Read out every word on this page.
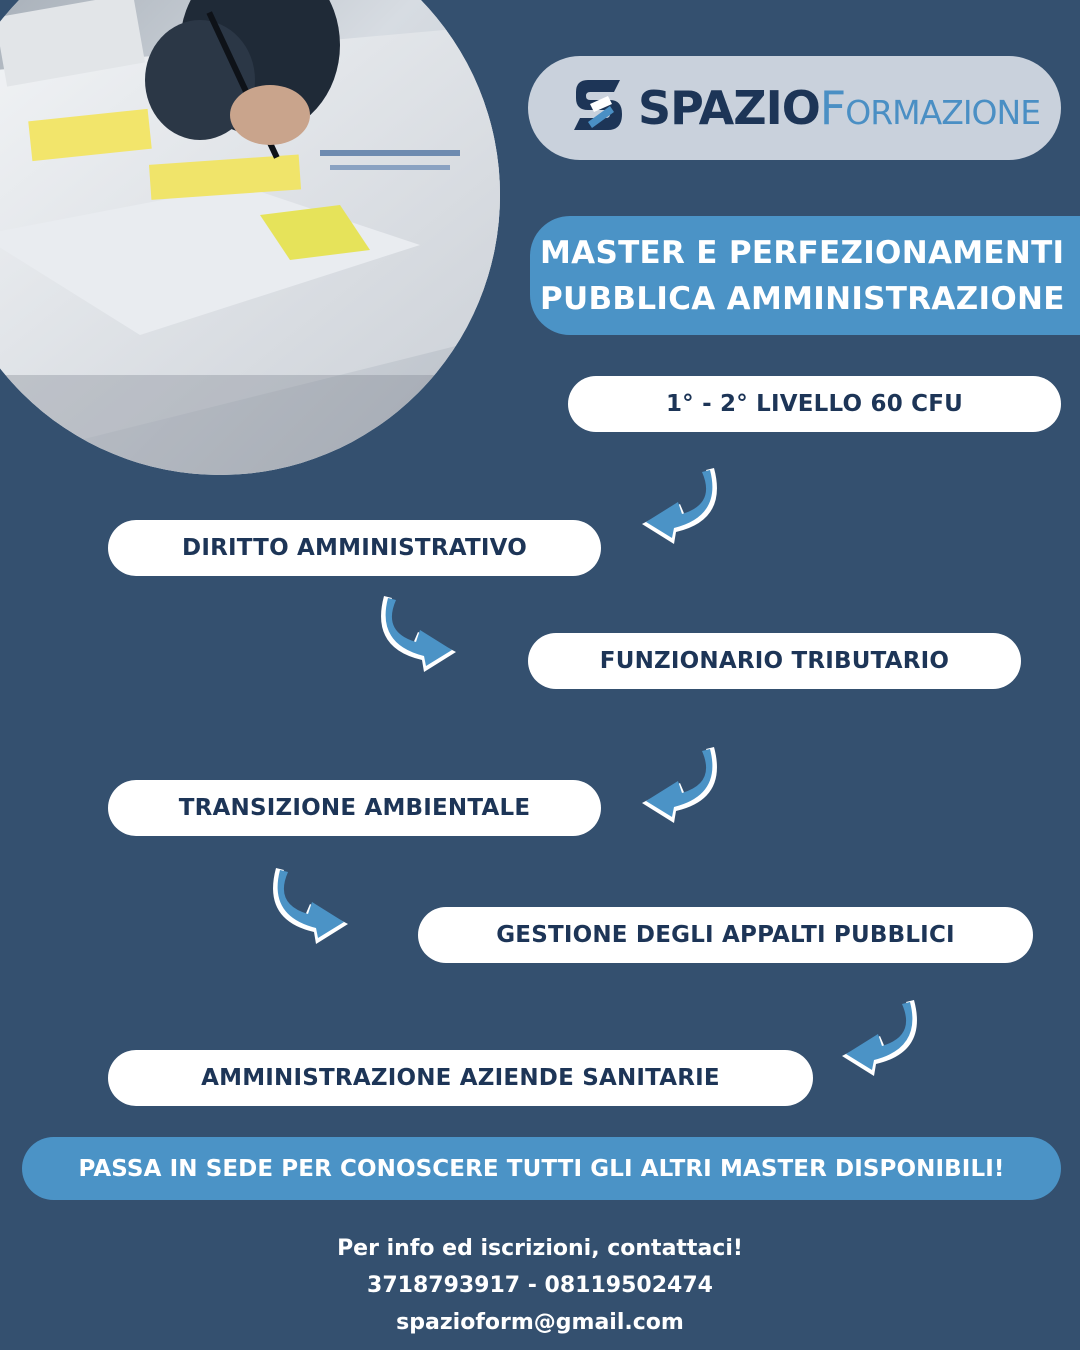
SPAZIOFORMAZIONE
MASTER E PERFEZIONAMENTI
PUBBLICA AMMINISTRAZIONE
1° - 2° LIVELLO 60 CFU
DIRITTO AMMINISTRATIVO
FUNZIONARIO TRIBUTARIO
TRANSIZIONE AMBIENTALE
GESTIONE DEGLI APPALTI PUBBLICI
AMMINISTRAZIONE AZIENDE SANITARIE
PASSA IN SEDE PER CONOSCERE TUTTI GLI ALTRI MASTER DISPONIBILI!
Per info ed iscrizioni, contattaci!
3718793917 - 08119502474
spazioform@gmail.com
